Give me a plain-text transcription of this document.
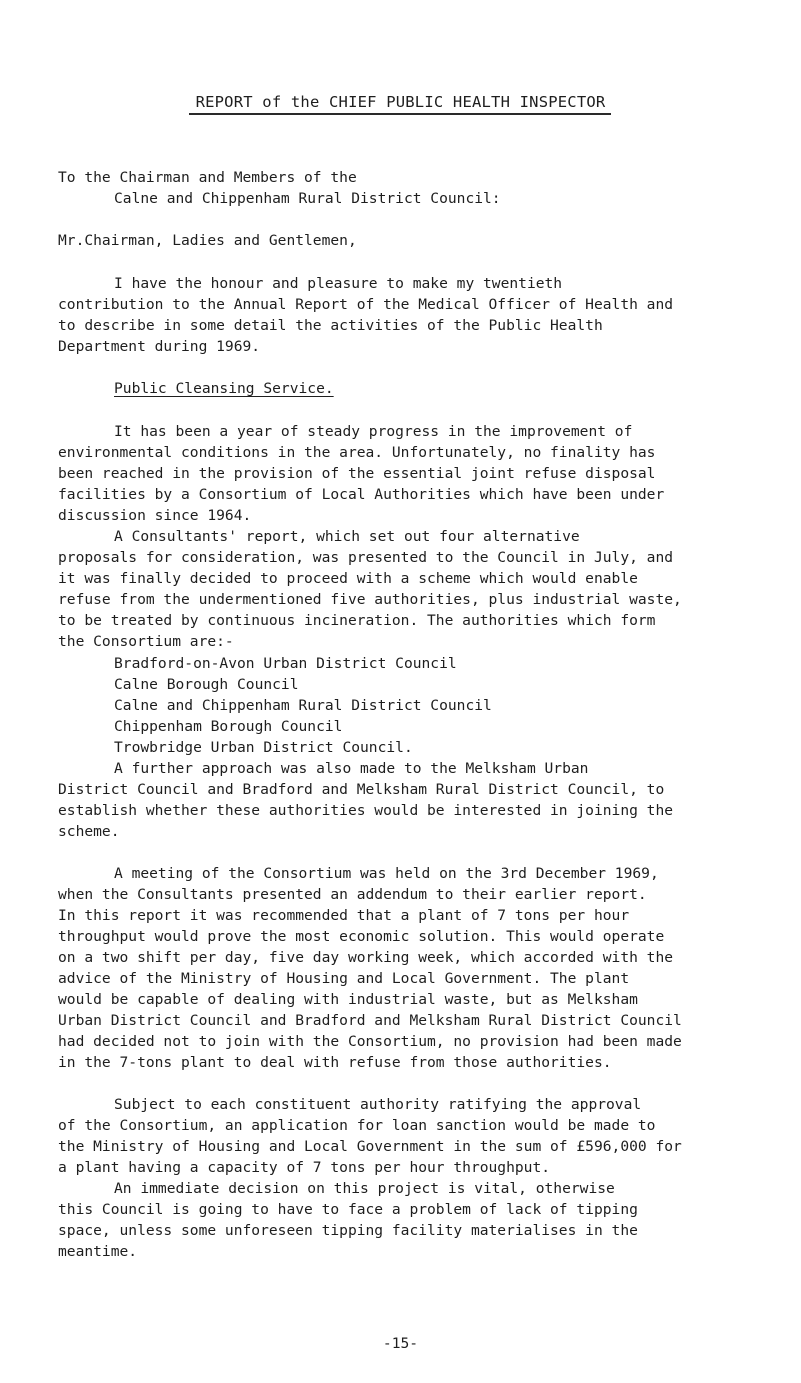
REPORT of the CHIEF PUBLIC HEALTH INSPECTOR
To the Chairman and Members of the
Calne and Chippenham Rural District Council:
Mr.Chairman, Ladies and Gentlemen,
I have the honour and pleasure to make my twentieth
contribution to the Annual Report of the Medical Officer of Health and
to describe in some detail the activities of the Public Health
Department during 1969.
Public Cleansing Service.
It has been a year of steady progress in the improvement of
environmental conditions in the area. Unfortunately, no finality has
been reached in the provision of the essential joint refuse disposal
facilities by a Consortium of Local Authorities which have been under
discussion since 1964.
A Consultants' report, which set out four alternative
proposals for consideration, was presented to the Council in July, and
it was finally decided to proceed with a scheme which would enable
refuse from the undermentioned five authorities, plus industrial waste,
to be treated by continuous incineration. The authorities which form
the Consortium are:-
Bradford-on-Avon Urban District Council
Calne Borough Council
Calne and Chippenham Rural District Council
Chippenham Borough Council
Trowbridge Urban District Council.
A further approach was also made to the Melksham Urban
District Council and Bradford and Melksham Rural District Council, to
establish whether these authorities would be interested in joining the
scheme.
A meeting of the Consortium was held on the 3rd December 1969,
when the Consultants presented an addendum to their earlier report.
In this report it was recommended that a plant of 7 tons per hour
throughput would prove the most economic solution. This would operate
on a two shift per day, five day working week, which accorded with the
advice of the Ministry of Housing and Local Government. The plant
would be capable of dealing with industrial waste, but as Melksham
Urban District Council and Bradford and Melksham Rural District Council
had decided not to join with the Consortium, no provision had been made
in the 7-tons plant to deal with refuse from those authorities.
Subject to each constituent authority ratifying the approval
of the Consortium, an application for loan sanction would be made to
the Ministry of Housing and Local Government in the sum of £596,000 for
a plant having a capacity of 7 tons per hour throughput.
An immediate decision on this project is vital, otherwise
this Council is going to have to face a problem of lack of tipping
space, unless some unforeseen tipping facility materialises in the
meantime.
-15-
